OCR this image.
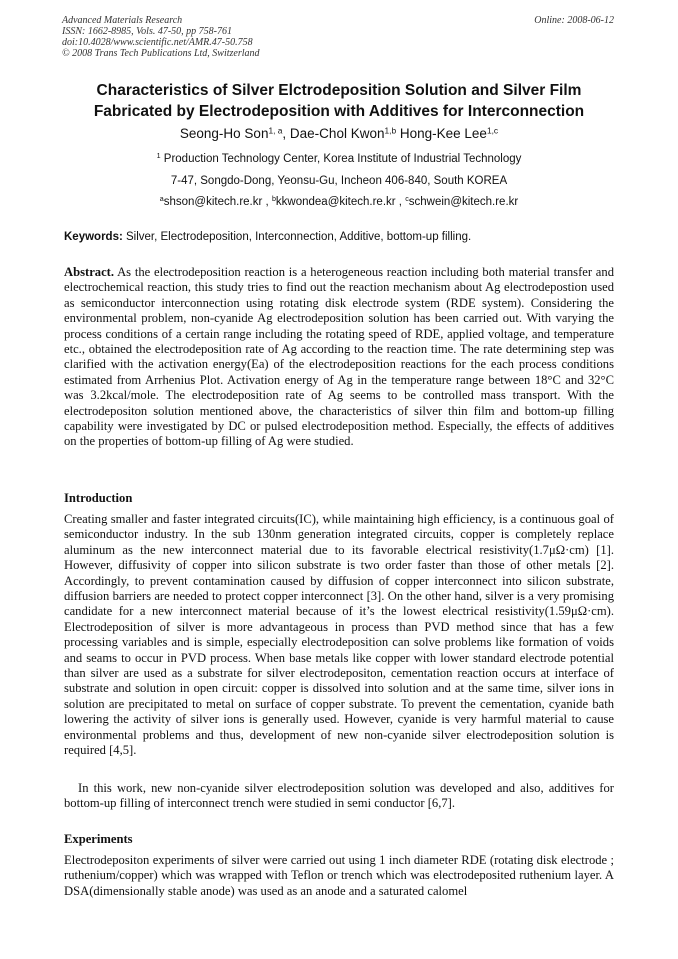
Advanced Materials Research
ISSN: 1662-8985, Vols. 47-50, pp 758-761
doi:10.4028/www.scientific.net/AMR.47-50.758
© 2008 Trans Tech Publications Ltd, Switzerland
Online: 2008-06-12
Characteristics of Silver Elctrodeposition Solution and Silver Film
Fabricated by Electrodeposition with Additives for Interconnection
Seong-Ho Son$^{1, a}$, Dae-Chol Kwon$^{1,b}$ Hong-Kee Lee$^{1,c}$
$^1$ Production Technology Center, Korea Institute of Industrial Technology
7-47, Songdo-Dong, Yeonsu-Gu, Incheon 406-840, South KOREA
$^a$shson@kitech.re.kr , $^b$kkwondea@kitech.re.kr , $^c$schwein@kitech.re.kr
Keywords: Silver, Electrodeposition, Interconnection, Additive, bottom-up filling.

Abstract. As the electrodeposition reaction is a heterogeneous reaction including both material transfer and electrochemical reaction, this study tries to find out the reaction mechanism about Ag electrodepostion used as semiconductor interconnection using rotating disk electrode system (RDE system). Considering the environmental problem, non-cyanide Ag electrodeposition solution has been carried out. With varying the process conditions of a certain range including the rotating speed of RDE, applied voltage, and temperature etc., obtained the electrodeposition rate of Ag according to the reaction time. The rate determining step was clarified with the activation energy(Ea) of the electrodeposition reactions for the each process conditions estimated from Arrhenius Plot. Activation energy of Ag in the temperature range between 18°C and 32°C was 3.2kcal/mole. The electrodeposition rate of Ag seems to be controlled mass transport. With the electrodepositon solution mentioned above, the characteristics of silver thin film and bottom-up filling capability were investigated by DC or pulsed electrodeposition method. Especially, the effects of additives on the properties of bottom-up filling of Ag were studied.

Introduction

Creating smaller and faster integrated circuits(IC), while maintaining high efficiency, is a continuous goal of semiconductor industry. In the sub 130nm generation integrated circuits, copper is completely replace aluminum as the new interconnect material due to its favorable electrical resistivity(1.7μΩ·cm) [1]. However, diffusivity of copper into silicon substrate is two order faster than those of other metals [2]. Accordingly, to prevent contamination caused by diffusion of copper interconnect into silicon substrate, diffusion barriers are needed to protect copper interconnect [3]. On the other hand, silver is a very promising candidate for a new interconnect material because of it’s the lowest electrical resistivity(1.59μΩ·cm). Electrodeposition of silver is more advantageous in process than PVD method since that has a few processing variables and is simple, especially electrodeposition can solve problems like formation of voids and seams to occur in PVD process. When base metals like copper with lower standard electrode potential than silver are used as a substrate for silver electrodepositon, cementation reaction occurs at interface of substrate and solution in open circuit: copper is dissolved into solution and at the same time, silver ions in solution are precipitated to metal on surface of copper substrate. To prevent the cementation, cyanide bath lowering the activity of silver ions is generally used. However, cyanide is very harmful material to cause environmental problems and thus, development of new non-cyanide silver electrodeposition solution is required [4,5].

In this work, new non-cyanide silver electrodeposition solution was developed and also, additives for bottom-up filling of interconnect trench were studied in semi conductor [6,7].

Experiments

Electrodepositon experiments of silver were carried out using 1 inch diameter RDE (rotating disk electrode ; ruthenium/copper) which was wrapped with Teflon or trench which was electrodeposited ruthenium layer. A DSA(dimensionally stable anode) was used as an anode and a saturated calomel
